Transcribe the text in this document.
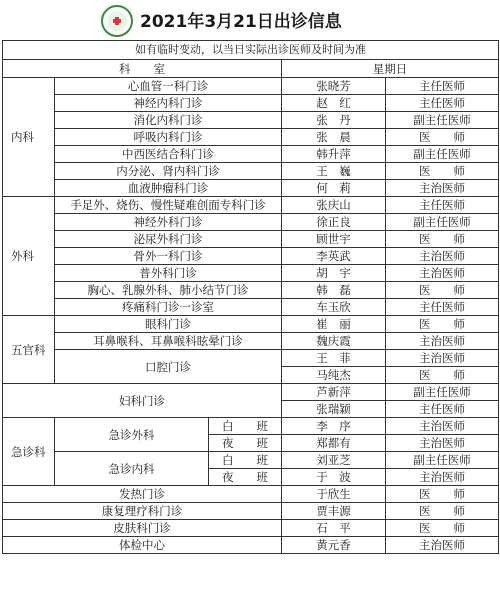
2021年3月21日出诊信息
如有临时变动，以当日实际出诊医师及时间为准				
科　　室			星期日	
内科	心血管一科门诊		张晓芳	主任医师
	神经内科门诊		赵　红	主任医师
	消化内科门诊		张　丹	副主任医师
	呼吸内科门诊		张　晨	医　　师
	中西医结合科门诊		韩升萍	副主任医师
	内分泌、肾内科门诊		王　巍	医　　师
	血液肿瘤科门诊		何　莉	主治医师
外科	手足外、烧伤、慢性疑难创面专科门诊		张庆山	主任医师
	神经外科门诊		徐正良	副主任医师
	泌尿外科门诊		顾世宇	医　　师
	骨外一科门诊		李英武	主治医师
	普外科门诊		胡　宇	主治医师
	胸心、乳腺外科、肺小结节门诊		韩　磊	医　　师
	疼痛科门诊一诊室		车玉欣	主任医师
五官科	眼科门诊		崔　丽	医　　师
	耳鼻喉科、耳鼻喉科眩晕门诊		魏庆霞	主治医师
	口腔门诊		王　菲	主治医师
			马纯杰	医　　师
妇科门诊			芦新萍	副主任医师
			张瑞颖	主任医师
急诊科	急诊外科	白　　班	李　序	主治医师
		夜　　班	郑都有	主治医师
	急诊内科	白　　班	刘亚芝	副主任医师
		夜　　班	于　波	主治医师
发热门诊			于欣生	医　　师
康复理疗科门诊			贾丰源	医　　师
皮肤科门诊			石　平	医　　师
体检中心			黄元香	主治医师
